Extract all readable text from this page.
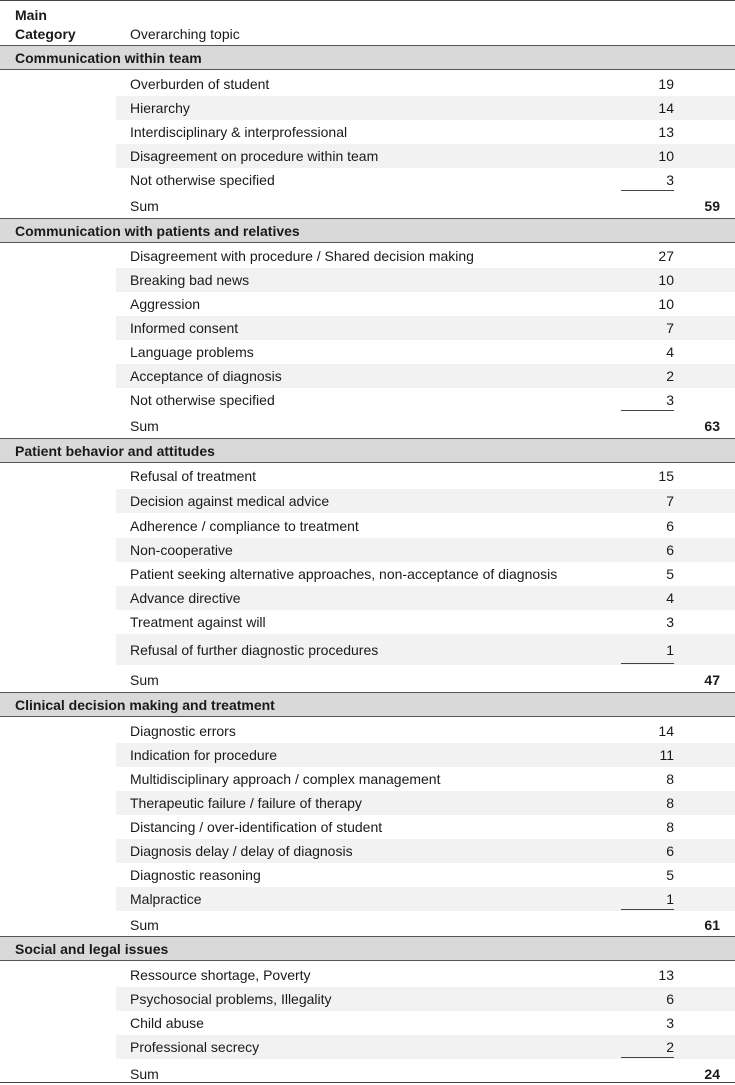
Main
Category	Overarching topic
Communication within team
Overburden of student	19
Hierarchy	14
Interdisciplinary & interprofessional	13
Disagreement on procedure within team	10
Not otherwise specified	3
Sum	59
Communication with patients and relatives
Disagreement with procedure / Shared decision making	27
Breaking bad news	10
Aggression	10
Informed consent	7
Language problems	4
Acceptance of diagnosis	2
Not otherwise specified	3
Sum	63
Patient behavior and attitudes
Refusal of treatment	15
Decision against medical advice	7
Adherence / compliance to treatment	6
Non-cooperative	6
Patient seeking alternative approaches, non-acceptance of diagnosis	5
Advance directive	4
Treatment against will	3
Refusal of further diagnostic procedures	1
Sum	47
Clinical decision making and treatment
Diagnostic errors	14
Indication for procedure	11
Multidisciplinary approach / complex management	8
Therapeutic failure / failure of therapy	8
Distancing / over-identification of student	8
Diagnosis delay / delay of diagnosis	6
Diagnostic reasoning	5
Malpractice	1
Sum	61
Social and legal issues
Ressource shortage, Poverty	13
Psychosocial problems, Illegality	6
Child abuse	3
Professional secrecy	2
Sum	24
